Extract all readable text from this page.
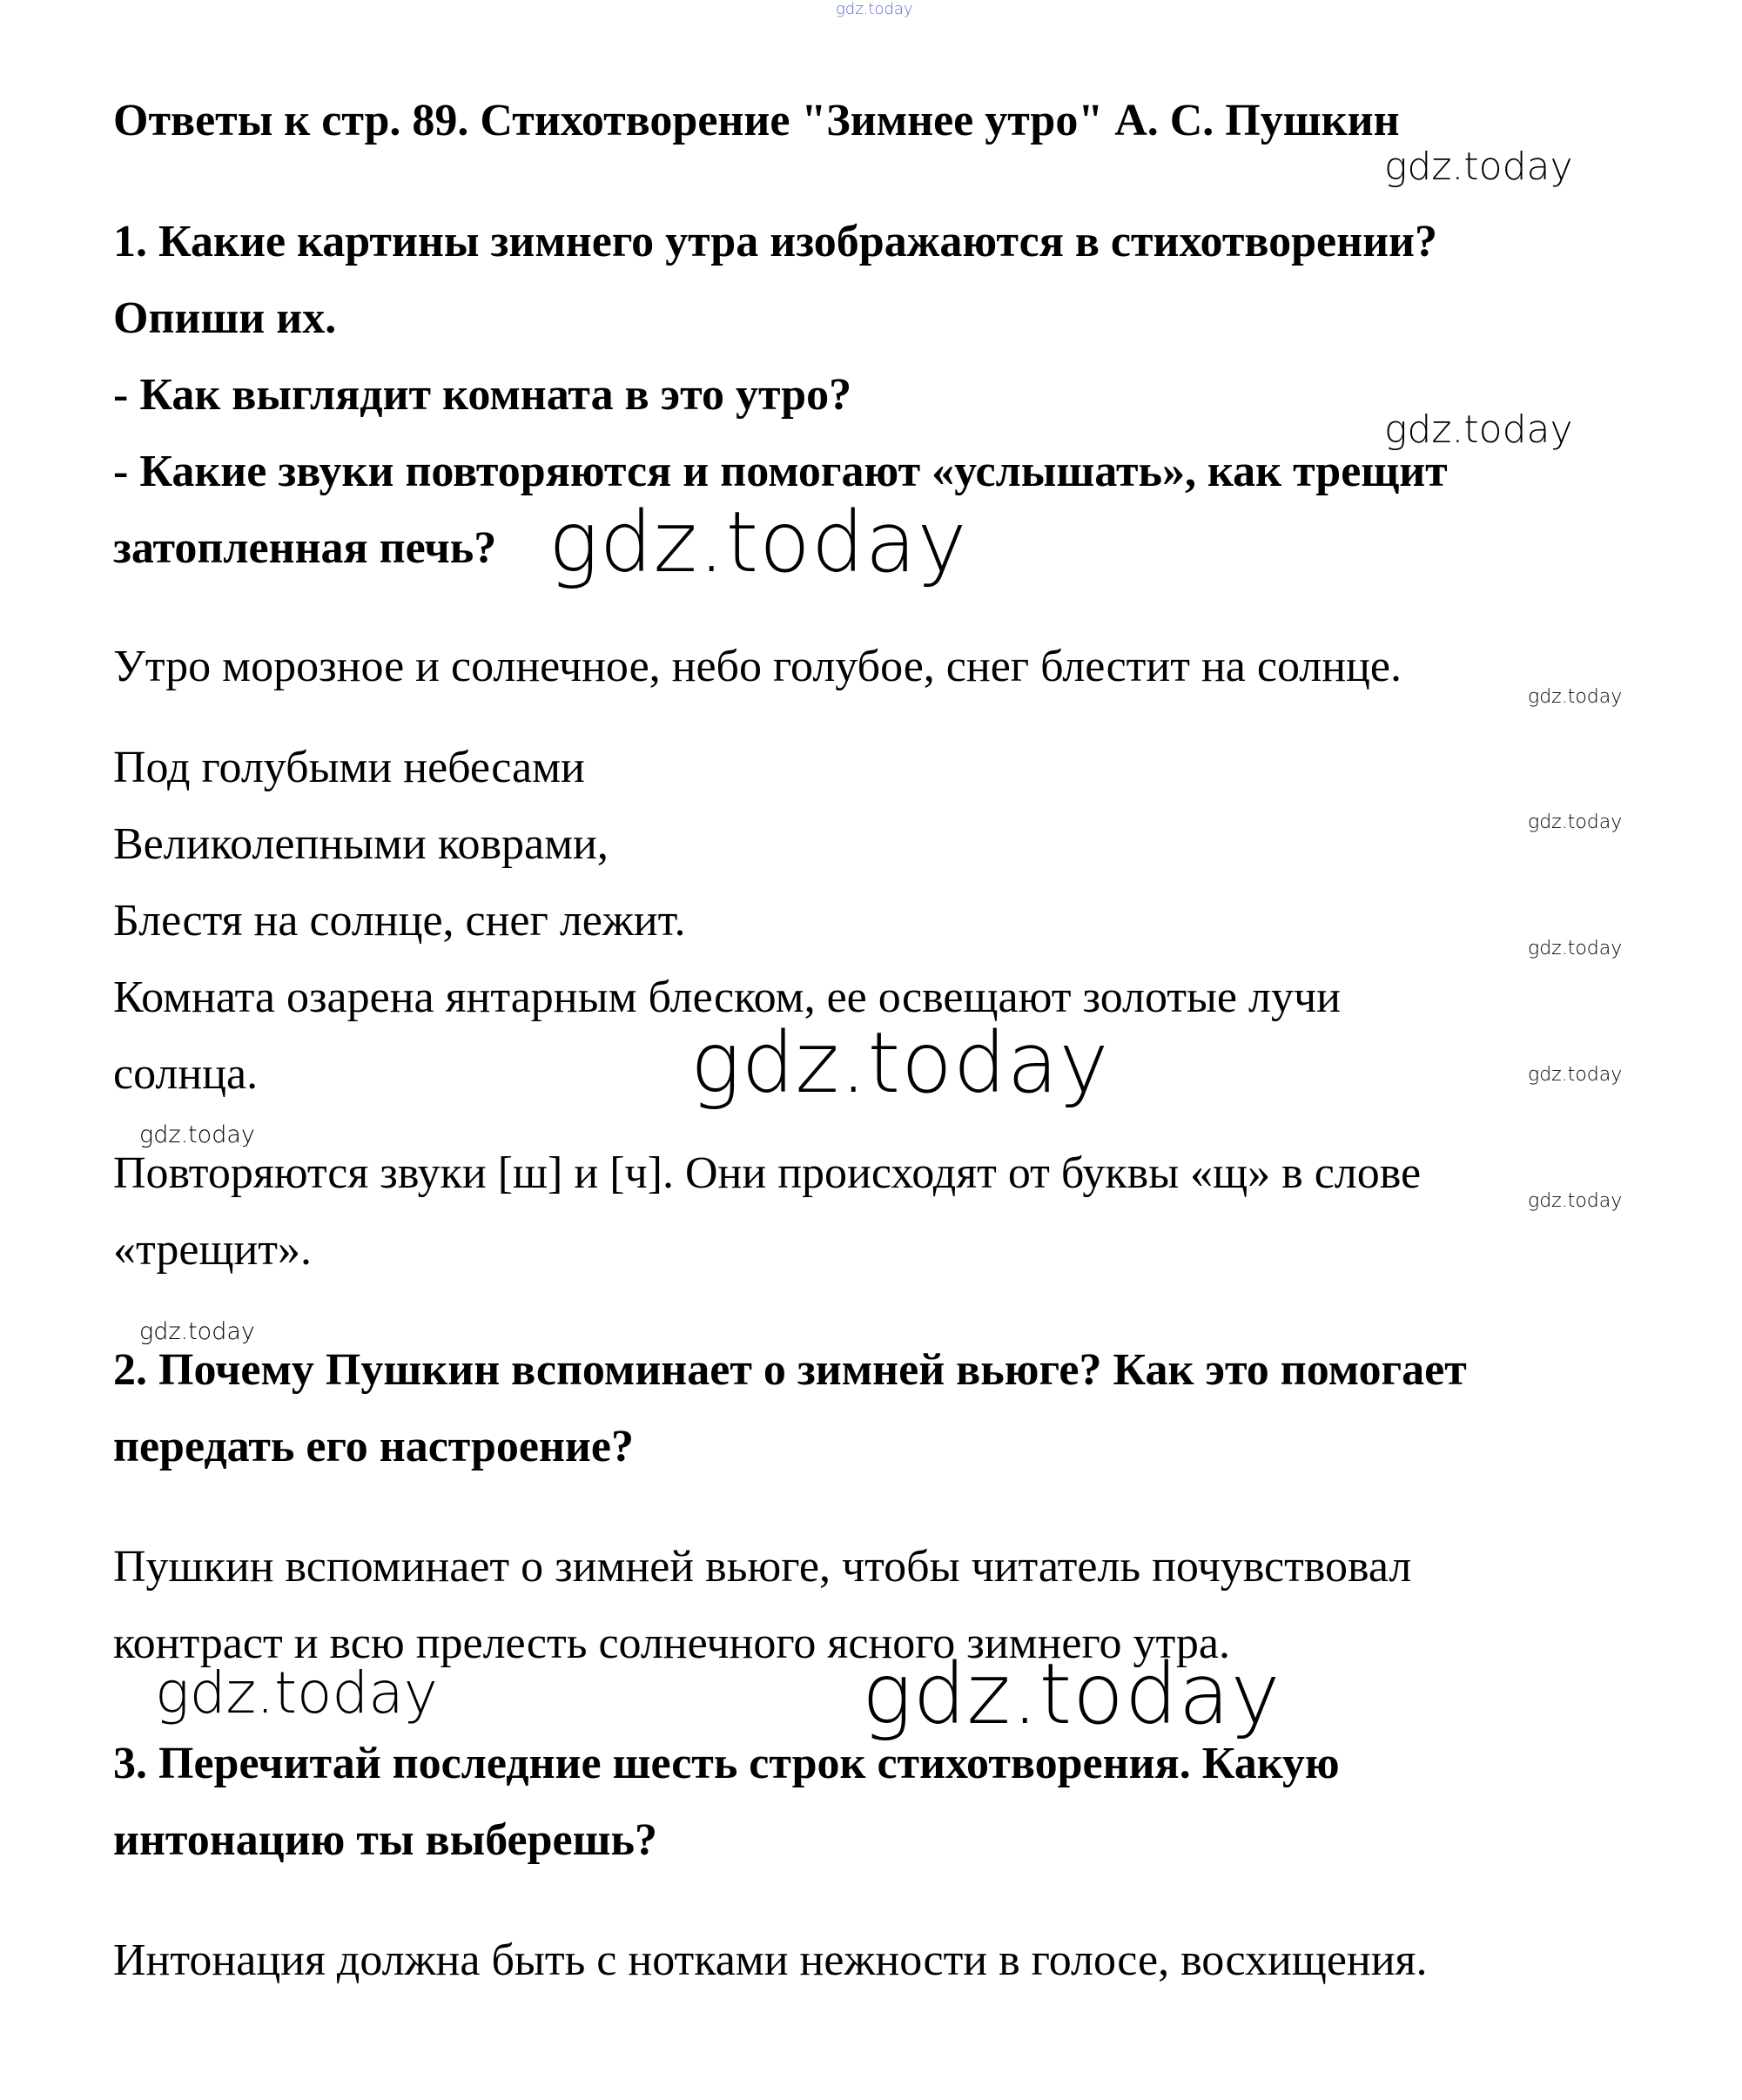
gdz.today
Ответы к стр. 89. Стихотворение "Зимнее утро" А. С. Пушкин
gdz.today
1. Какие картины зимнего утра изображаются в стихотворении?
Опиши их.
- Как выглядит комната в это утро?
gdz.today
- Какие звуки повторяются и помогают «услышать», как трещит
затопленная печь? gdz.today
Утро морозное и солнечное, небо голубое, снег блестит на солнце.
gdz.today
Под голубыми небесами
Великолепными коврами,	gdz.today
Блестя на солнце, снег лежит.
gdz.today
Комната озарена янтарным блеском, ее освещают золотые лучи
солнца.	gdz.today	gdz.today
gdz.today
Повторяются звуки [ш] и [ч]. Они происходят от буквы «щ» в слове
gdz.today
«трещит».
gdz.today
2. Почему Пушкин вспоминает о зимней вьюге? Как это помогает
передать его настроение?
Пушкин вспоминает о зимней вьюге, чтобы читатель почувствовал
контраст и всю прелесть солнечного ясного зимнего утра.
gdz.today	gdz.today
3. Перечитай последние шесть строк стихотворения. Какую
интонацию ты выберешь?
Интонация должна быть с нотками нежности в голосе, восхищения.
